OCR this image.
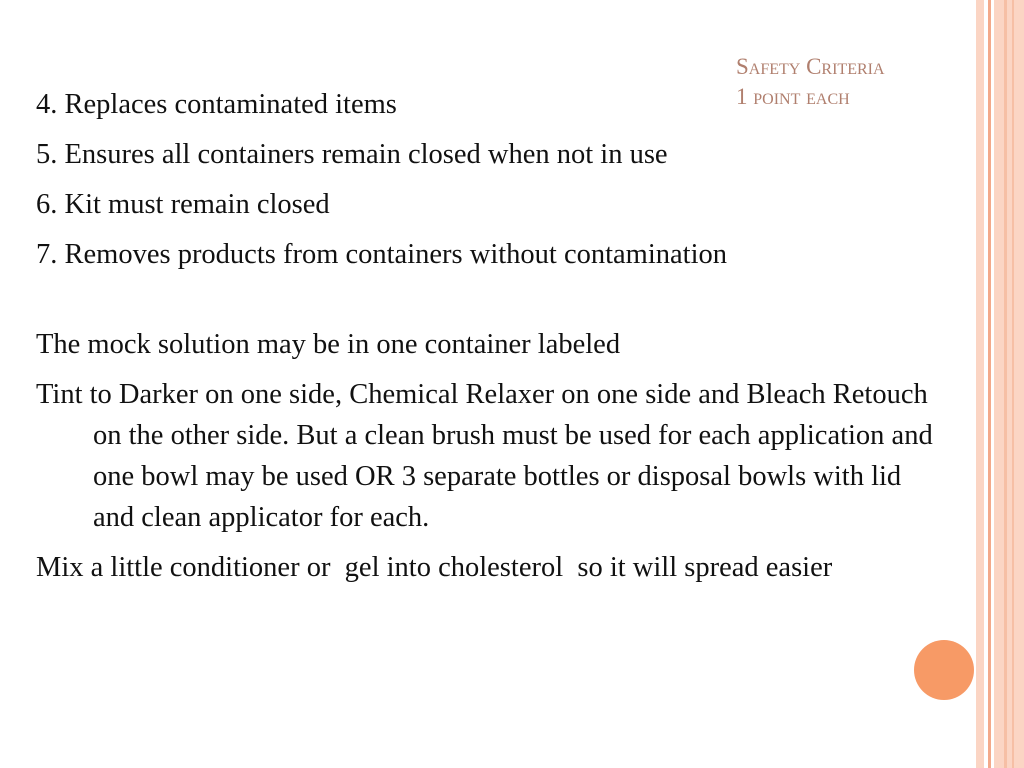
Safety Criteria
1 point each

4. Replaces contaminated items

5. Ensures all containers remain closed when not in use

6. Kit must remain closed

7. Removes products from containers without contamination

The mock solution may be in one container labeled

Tint to Darker on one side, Chemical Relaxer on one side and Bleach Retouch on the other side. But a clean brush must be used for each application and one bowl may be used OR 3 separate bottles or disposal bowls with lid and clean applicator for each.

Mix a little conditioner or  gel into cholesterol  so it will spread easier
